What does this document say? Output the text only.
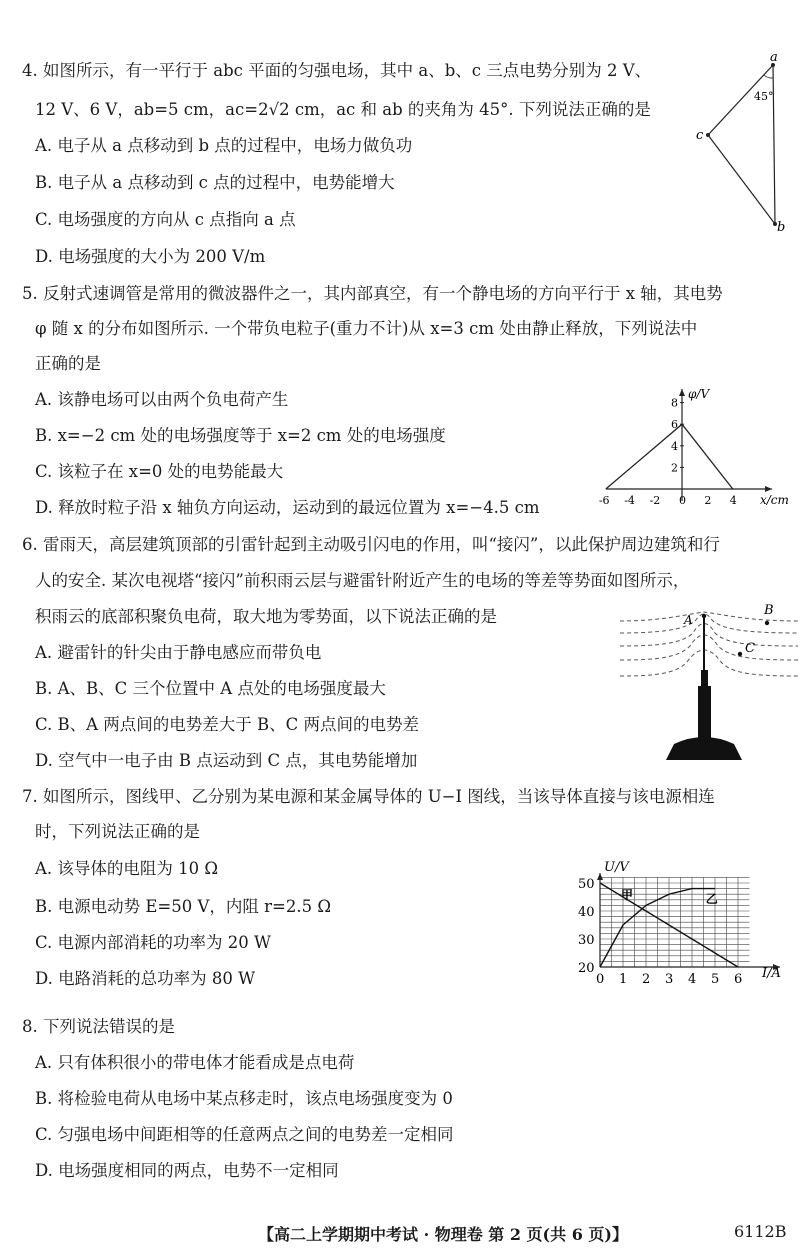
4. 如图所示，有一平行于 abc 平面的匀强电场，其中 a、b、c 三点电势分别为 2 V、
12 V、6 V，ab=5 cm，ac=2√2 cm，ac 和 ab 的夹角为 45°. 下列说法正确的是
A. 电子从 a 点移动到 b 点的过程中，电场力做负功
B. 电子从 a 点移动到 c 点的过程中，电势能增大
C. 电场强度的方向从 c 点指向 a 点
D. 电场强度的大小为 200 V/m
a
b
c
45°
5. 反射式速调管是常用的微波器件之一，其内部真空，有一个静电场的方向平行于 x 轴，其电势
φ 随 x 的分布如图所示. 一个带负电粒子(重力不计)从 x=3 cm 处由静止释放，下列说法中
正确的是
A. 该静电场可以由两个负电荷产生
B. x=−2 cm 处的电场强度等于 x=2 cm 处的电场强度
C. 该粒子在 x=0 处的电势能最大
D. 释放时粒子沿 x 轴负方向运动，运动到的最远位置为 x=−4.5 cm
φ/V
x/cm
-6 -4 -2 0 2 4
2
4
6
8
6. 雷雨天，高层建筑顶部的引雷针起到主动吸引闪电的作用，叫“接闪”，以此保护周边建筑和行
人的安全. 某次电视塔“接闪”前积雨云层与避雷针附近产生的电场的等差等势面如图所示，
积雨云的底部积聚负电荷，取大地为零势面，以下说法正确的是
A. 避雷针的针尖由于静电感应而带负电
B. A、B、C 三个位置中 A 点处的电场强度最大
C. B、A 两点间的电势差大于 B、C 两点间的电势差
D. 空气中一电子由 B 点运动到 C 点，其电势能增加
A
B
C
7. 如图所示，图线甲、乙分别为某电源和某金属导体的 U−I 图线，当该导体直接与该电源相连
时，下列说法正确的是
A. 该导体的电阻为 10 Ω
B. 电源电动势 E=50 V，内阻 r=2.5 Ω
C. 电源内部消耗的功率为 20 W
D. 电路消耗的总功率为 80 W
U/V
I/A
0 1 2 3 4 5 6
20
30
40
50
甲	乙
8. 下列说法错误的是
A. 只有体积很小的带电体才能看成是点电荷
B. 将检验电荷从电场中某点移走时，该点电场强度变为 0
C. 匀强电场中间距相等的任意两点之间的电势差一定相同
D. 电场强度相同的两点，电势不一定相同
【高二上学期期中考试 · 物理卷 第 2 页(共 6 页)】	6112B
